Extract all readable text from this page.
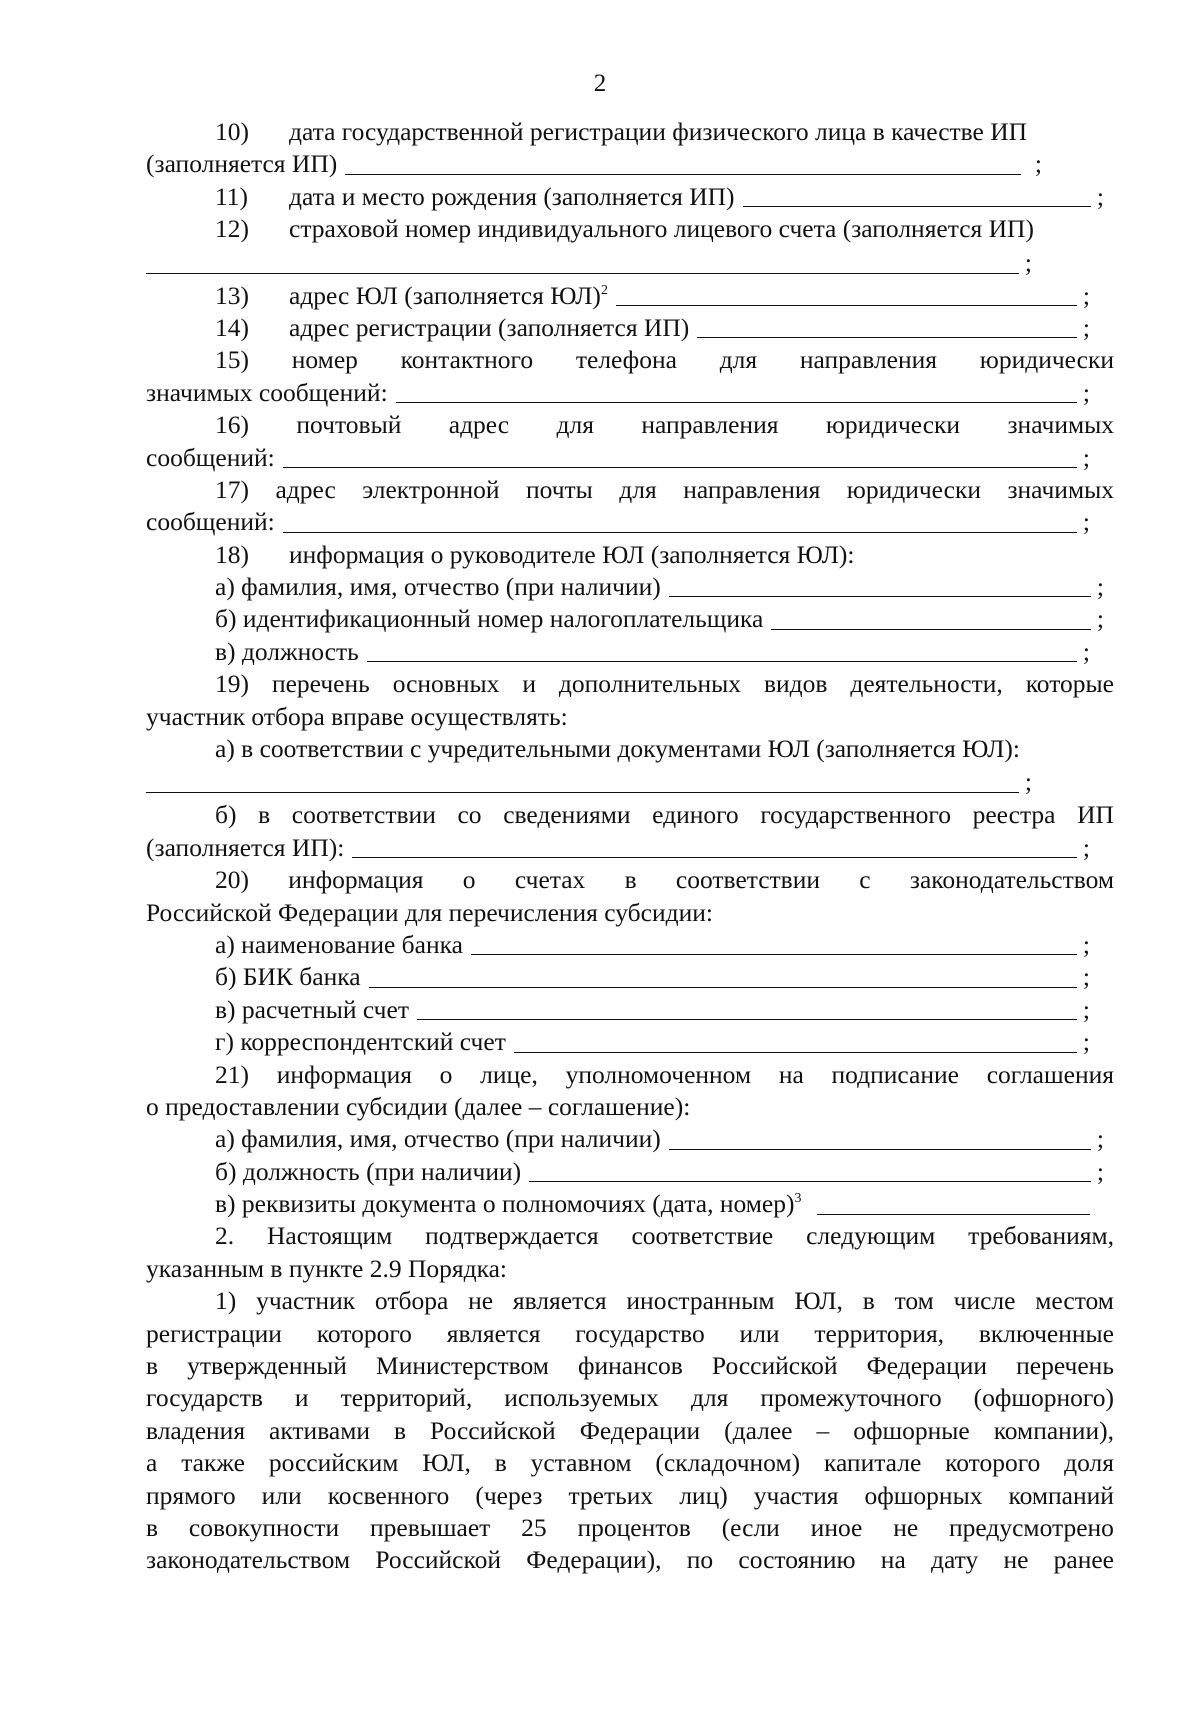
2
10)	дата государственной регистрации физического лица в качестве ИП
(заполняется ИП)	;
11)	дата и место рождения (заполняется ИП)	;
12)	страховой номер индивидуального лицевого счета (заполняется ИП)
;
13)	адрес ЮЛ (заполняется ЮЛ)$^2$	;
14)	адрес регистрации (заполняется ИП)	;
15) номер контактного телефона для направления юридически
значимых сообщений:	;
16) почтовый адрес для направления юридически значимых
сообщений:	;
17) адрес электронной почты для направления юридически значимых
сообщений:	;
18)	информация о руководителе ЮЛ (заполняется ЮЛ):
а) фамилия, имя, отчество (при наличии)	;
б) идентификационный номер налогоплательщика	;
в) должность	;
19) перечень основных и дополнительных видов деятельности, которые
участник отбора вправе осуществлять:
а) в соответствии с учредительными документами ЮЛ (заполняется ЮЛ):
;
б) в соответствии со сведениями единого государственного реестра ИП
(заполняется ИП):	;
20) информация о счетах в соответствии с законодательством
Российской Федерации для перечисления субсидии:
а) наименование банка	;
б) БИК банка	;
в) расчетный счет	;
г) корреспондентский счет	;
21) информация о лице, уполномоченном на подписание соглашения
о предоставлении субсидии (далее – соглашение):
а) фамилия, имя, отчество (при наличии)	;
б) должность (при наличии)	;
в) реквизиты документа о полномочиях (дата, номер)$^3$
2. Настоящим подтверждается соответствие следующим требованиям,
указанным в пункте 2.9 Порядка:
1) участник отбора не является иностранным ЮЛ, в том числе местом
регистрации которого является государство или территория, включенные
в утвержденный Министерством финансов Российской Федерации перечень
государств и территорий, используемых для промежуточного (офшорного)
владения активами в Российской Федерации (далее – офшорные компании),
а также российским ЮЛ, в уставном (складочном) капитале которого доля
прямого или косвенного (через третьих лиц) участия офшорных компаний
в совокупности превышает 25 процентов (если иное не предусмотрено
законодательством Российской Федерации), по состоянию на дату не ранее
